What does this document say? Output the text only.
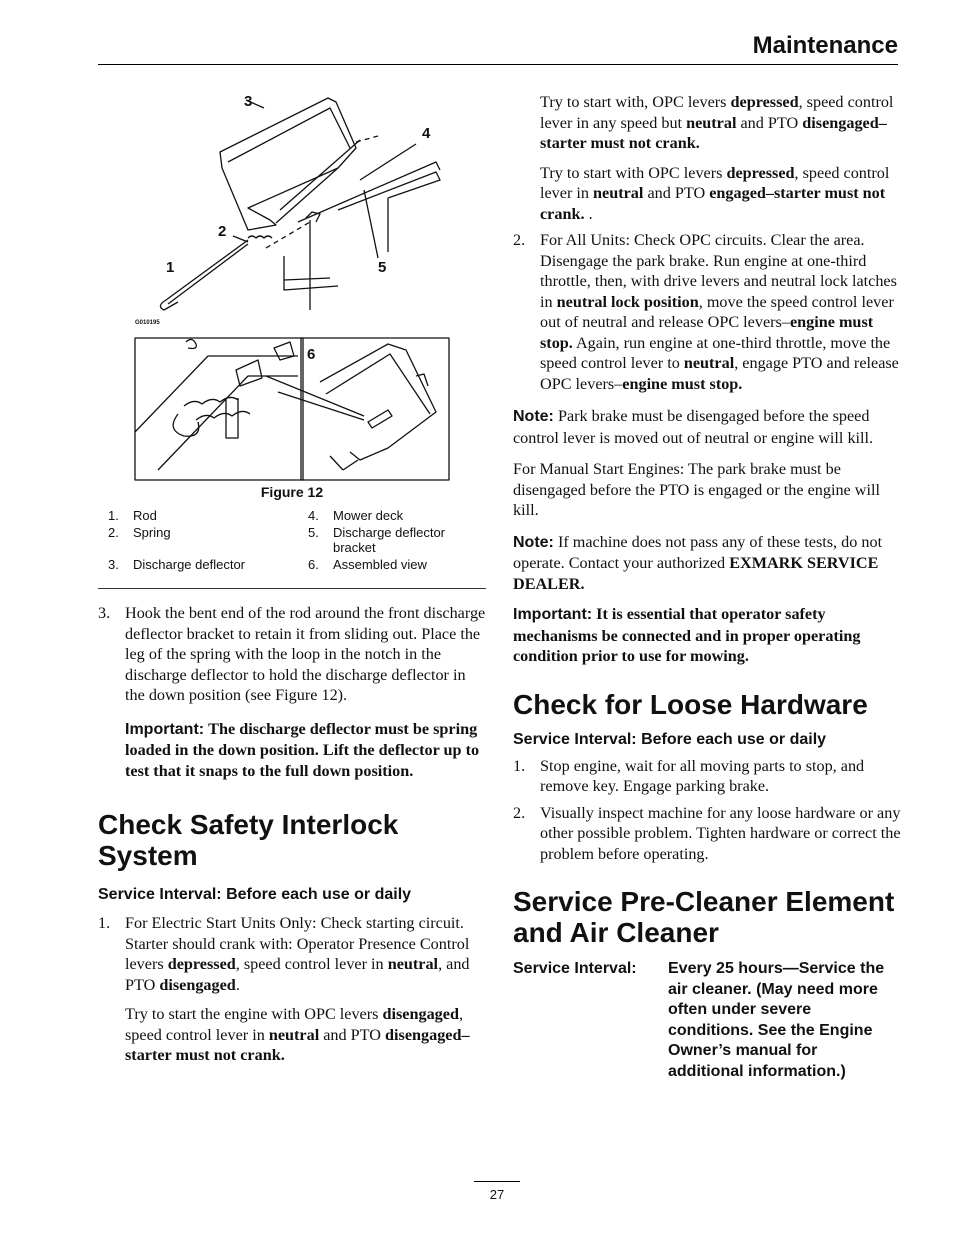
Maintenance
3
4
2
1	5
6
G010195
Figure 12
1.	Rod	4.	Mower deck
2.	Spring	5.	Discharge deflector bracket
3.	Discharge deflector	6.	Assembled view
3. Hook the bent end of the rod around the front discharge deflector bracket to retain it from sliding out. Place the leg of the spring with the loop in the notch in the discharge deflector to hold the discharge deflector in the down position (see Figure 12).

Important: The discharge deflector must be spring loaded in the down position. Lift the deflector up to test that it snaps to the full down position.

Check Safety Interlock System
Service Interval: Before each use or daily
1. For Electric Start Units Only: Check starting circuit. Starter should crank with: Operator Presence Control levers depressed, speed control lever in neutral, and PTO disengaged.

Try to start the engine with OPC levers disengaged, speed control lever in neutral and PTO disengaged–starter must not crank.

Try to start with, OPC levers depressed, speed control lever in any speed but neutral and PTO disengaged–starter must not crank.

Try to start with OPC levers depressed, speed control lever in neutral and PTO engaged–starter must not crank. .

2. For All Units: Check OPC circuits. Clear the area. Disengage the park brake. Run engine at one-third throttle, then, with drive levers and neutral lock latches in neutral lock position, move the speed control lever out of neutral and release OPC levers–engine must stop. Again, run engine at one-third throttle, move the speed control lever to neutral, engage PTO and release OPC levers–engine must stop.

Note: Park brake must be disengaged before the speed control lever is moved out of neutral or engine will kill.

For Manual Start Engines: The park brake must be disengaged before the PTO is engaged or the engine will kill.

Note: If machine does not pass any of these tests, do not operate. Contact your authorized EXMARK SERVICE DEALER.

Important: It is essential that operator safety mechanisms be connected and in proper operating condition prior to use for mowing.

Check for Loose Hardware
Service Interval: Before each use or daily
1. Stop engine, wait for all moving parts to stop, and remove key. Engage parking brake.
2. Visually inspect machine for any loose hardware or any other possible problem. Tighten hardware or correct the problem before operating.
Service Pre-Cleaner Element and Air Cleaner
Service Interval: Every 25 hours—Service the air cleaner. (May need more often under severe conditions. See the Engine Owner’s manual for additional information.)
27
